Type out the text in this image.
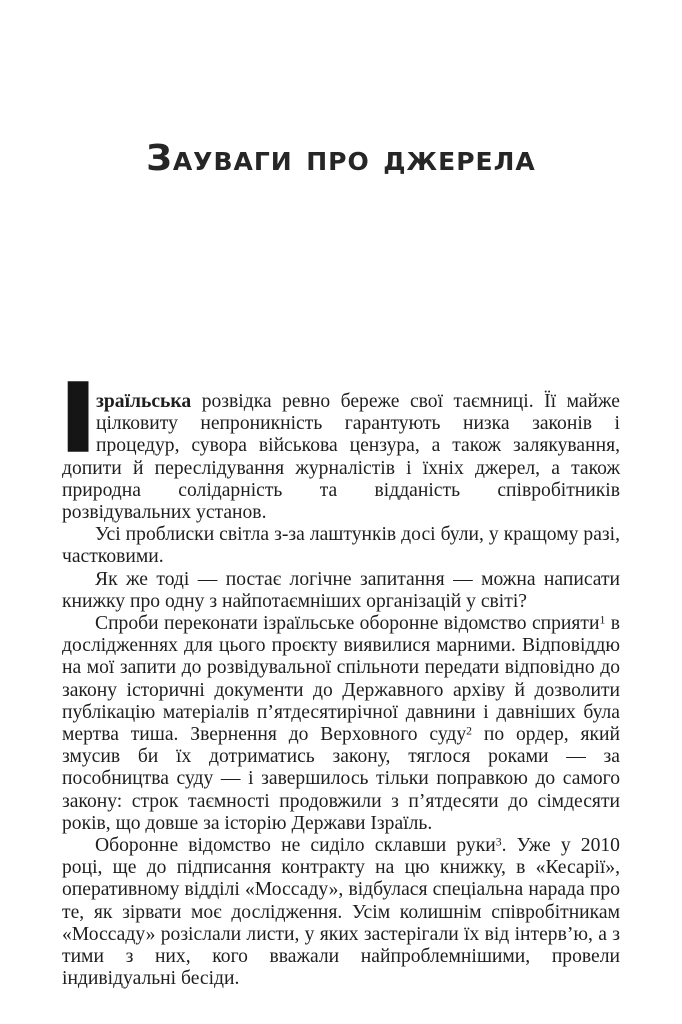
Зауваги про джерела
І зраїльська розвідка ревно береже свої таємниці. Її майже цілковиту непроникність гарантують низка законів і процедур, сувора військова цензура, а також залякування, допити й переслідування журналістів і їхніх джерел, а також природна солідарність та відданість співробітників розвідувальних установ.

Усі проблиски світла з-за лаштунків досі були, у кращому разі, частковими.

Як же тоді — постає логічне запитання — можна написати книжку про одну з найпотаємніших організацій у світі?

Спроби переконати ізраїльське оборонне відомство сприяти$^1$ в дослідженнях для цього проєкту виявилися марними. Відповіддю на мої запити до розвідувальної спільноти передати відповідно до закону історичні документи до Державного архіву й дозволити публікацію матеріалів п’ятдесятирічної давнини і давніших була мертва тиша. Звернення до Верховного суду$^2$ по ордер, який змусив би їх дотриматись закону, тяглося роками — за пособництва суду — і завершилось тільки поправкою до самого закону: строк таємності продовжили з п’ятдесяти до сімдесяти років, що довше за історію Держави Ізраїль.

Оборонне відомство не сиділо склавши руки$^3$. Уже у 2010 році, ще до підписання контракту на цю книжку, в «Кесарії», оперативному відділі «Моссаду», відбулася спеціальна нарада про те, як зірвати моє дослідження. Усім колишнім співробітникам «Моссаду» розіслали листи, у яких застерігали їх від інтерв’ю, а з тими з них, кого вважали найпроблемнішими, провели індивідуальні бесіди.
